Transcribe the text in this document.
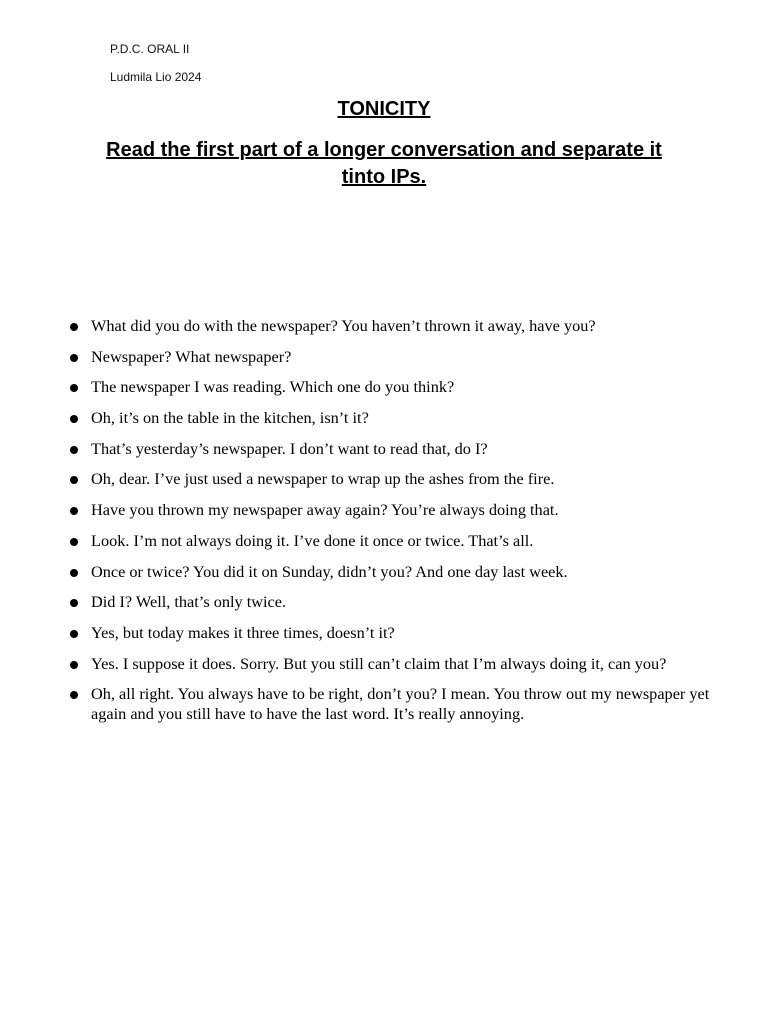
P.D.C. ORAL II
Ludmila Lio 2024
TONICITY
Read the first part of a longer conversation and separate it tinto IPs.
What did you do with the newspaper? You haven’t thrown it away, have you?
Newspaper? What newspaper?
The newspaper I was reading. Which one do you think?
Oh, it’s on the table in the kitchen, isn’t it?
That’s yesterday’s newspaper. I don’t want to read that, do I?
Oh, dear. I’ve just used a newspaper to wrap up the ashes from the fire.
Have you thrown my newspaper away again? You’re always doing that.
Look. I’m not always doing it. I’ve done it once or twice. That’s all.
Once or twice? You did it on Sunday, didn’t you? And one day last week.
Did I? Well, that’s only twice.
Yes, but today makes it three times, doesn’t it?
Yes. I suppose it does. Sorry. But you still can’t claim that I’m always doing it, can you?
Oh, all right. You always have to be right, don’t you? I mean. You throw out my newspaper yet again and you still have to have the last word. It’s really annoying.
